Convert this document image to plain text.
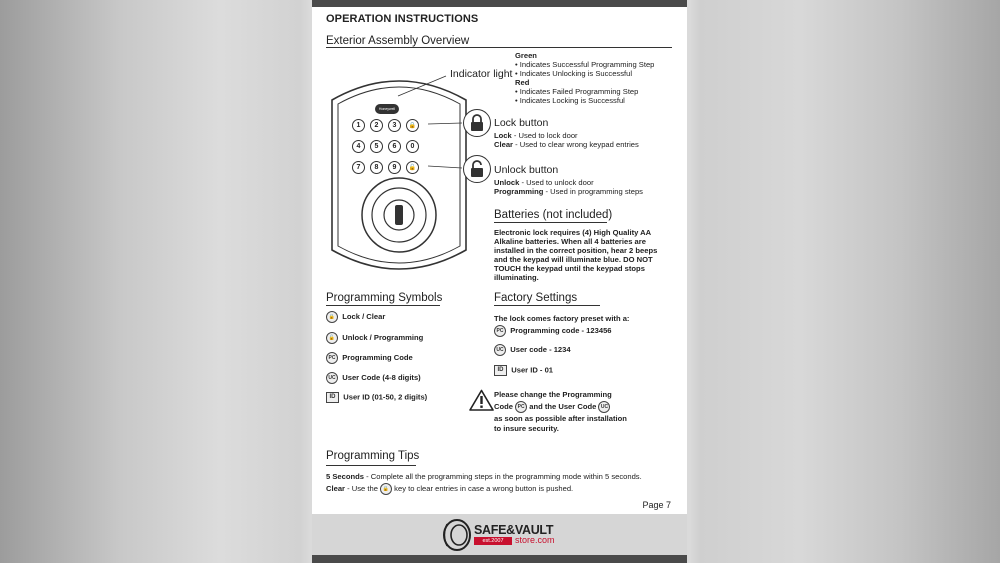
OPERATION INSTRUCTIONS
Exterior Assembly Overview
Honeywell
1	2	3	🔒
4	5	6	0
7	8	9	🔓
Indicator light
Green
• Indicates Successful Programming Step
• Indicates Unlocking is Successful
Red
• Indicates Failed Programming Step
• Indicates Locking is Successful
Lock button
Lock - Used to lock door
Clear - Used to clear wrong keypad entries
Unlock button
Unlock - Used to unlock door
Programming - Used in programming steps
Batteries (not included)
Electronic lock requires (4) High Quality AA Alkaline batteries. When all 4 batteries are installed in the correct position, hear 2 beeps and the keypad will illuminate blue. DO NOT TOUCH the keypad until the keypad stops illuminating.
Programming Symbols
🔒 Lock / Clear
🔓 Unlock / Programming
PC Programming Code
UC User Code (4-8 digits)
ID User ID (01-50, 2 digits)
Factory Settings
The lock comes factory preset with a:
PC Programming code - 123456
UC User code - 1234
ID User ID - 01
Please change the Programming
Code PC and the User Code UC
as soon as possible after installation
to insure security.
Programming Tips
5 Seconds - Complete all the programming steps in the programming mode within 5 seconds.
Clear - Use the 🔒 key to clear entries in case a wrong button is pushed.
Page 7
SAFE&VAULT
est.2007	store.com
